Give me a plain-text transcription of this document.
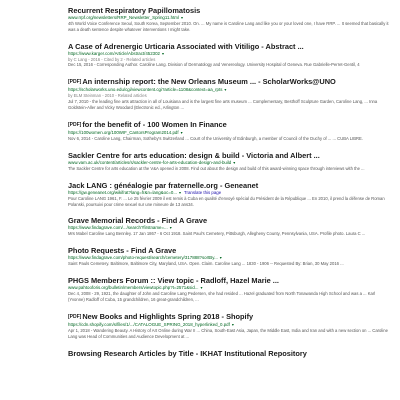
Recurrent Respiratory Papillomatosis
www.rrpf.org/newsletters/RRP_Newsletter_Spring11.html ▾
4th World Voice Conference Seoul, South Korea, September 2010. On. ... My name is Caroline Lang and like you or your loved one, I have RRP. ... It seemed that basically it was a death sentence despite whatever interventions I might take.
A Case of Adrenergic Urticaria Associated with Vitiligo - Abstract ...
https://www.karger.com/Article/Abstract/452302 ▾
by C Lang - 2016 - Cited by 2 - Related articles
Dec 15, 2016 - Corresponding Author. Caroline Lang. Division of Dermatology and Venereology. University Hospital of Geneva. Rue Gabrielle-Perret-Gentil, 4
[PDF]An internship report: the New Orleans Museum ... - ScholarWorks@UNO
https://scholarworks.uno.edu/cgi/viewcontent.cgi?article=1108&context=aa_rpts ▾
by ELM Steinman - 2010 - Related articles
Jul 7, 2010 - the leading fine arts attraction in all of Louisiana and is the largest fine arts museum ... Complementary, Besthoff Sculpture Garden, Caroline Lang, ... Inna Goldstein-Aller and Vicky Woodard (Electronic ed., Arlington ...
[PDF]for the benefit of - 100 Women In Finance
https://100women.org/100WIF_CantorsProgram2014.pdf ▾
Nov 6, 2014 - Caroline Lang, Chairman, Sotheby's Switzerland ... Court of the University of Edinburgh, a member of Council of the Duchy of ... ... CUBA LIBRE.
Sackler Centre for arts education: design & build - Victoria and Albert ...
www.vam.ac.uk/content/articles/s/sackler-centre-for-arts-education-design-and-build ▾
The Sackler Centre for arts education at the V&A opened in 2008. Find out about the design and build of this award-winning space through interviews with the ...
Jack LANG : généalogie par fraternelle.org - Geneanet
https://gw.geneanet.org/wikifrat?lang=fr&n=lang&oc=0... ▾ Translate this page
Pour Caroline LANG 1961, F. ... Le 25 février 2009 il est remis à Cuba en qualité d'envoyé spécial du Président de la République ... En 2010, il prend la défense de Roman Polanski, poursuivi pour crime sexuel sur une mineure de 13 ans34.
Grave Memorial Records - Find A Grave
https://www.findagrave.com/.../search?firstname=... ▾
Mrs Mabel Caroline Lang Bennley. 17 Jan 1867 - 6 Oct 1918. Saint Paul's Cemetery, Pittsburgh, Allegheny County, Pennsylvania, USA. Profile photo. Laura C ...
Photo Requests - Find A Grave
https://www.findagrave.com/photo-request/search/cemetery/317888?sortBy... ▾
Saint Pauls Cemetery. Baltimore, Baltimore City, Maryland, USA. Open. Claim. Caroline Lang ... 1830 - 1906 -- Requested By: Brian, 30 May 2016 ...
PHGS Members Forum :: View topic - Radloff, Hazel Marie ...
www.pahtooforis.org/bulletin/members/viewtopic.php?t=2571&sid... ▾
Dec 4, 2008 - 29, 1921, the daughter of John and Caroline Lang Pedersen, she had resided ... Hazel graduated from North Tonawanda High School and was a ... Karl (Yvonne) Radloff of Cuba, 15 grandchildren, 16 great-grandchildren, ...
[PDF]New Books and Highlights Spring 2018 - Shopify
https://cdn.shopify.com/s/files/1/.../CATALOGUE_SPRING_2018_hyperlinked_0.pdf ▾
Apr 1, 2018 - Wandering Beauty. A History of Art Online during War II ... China, South-East Asia, Japan, the Middle East, India and Iran and with a new section on ... Caroline Lang was Head of Communities and Audience Development at ...
Browsing Research Articles by Title - IKHAT Institutional Repository
